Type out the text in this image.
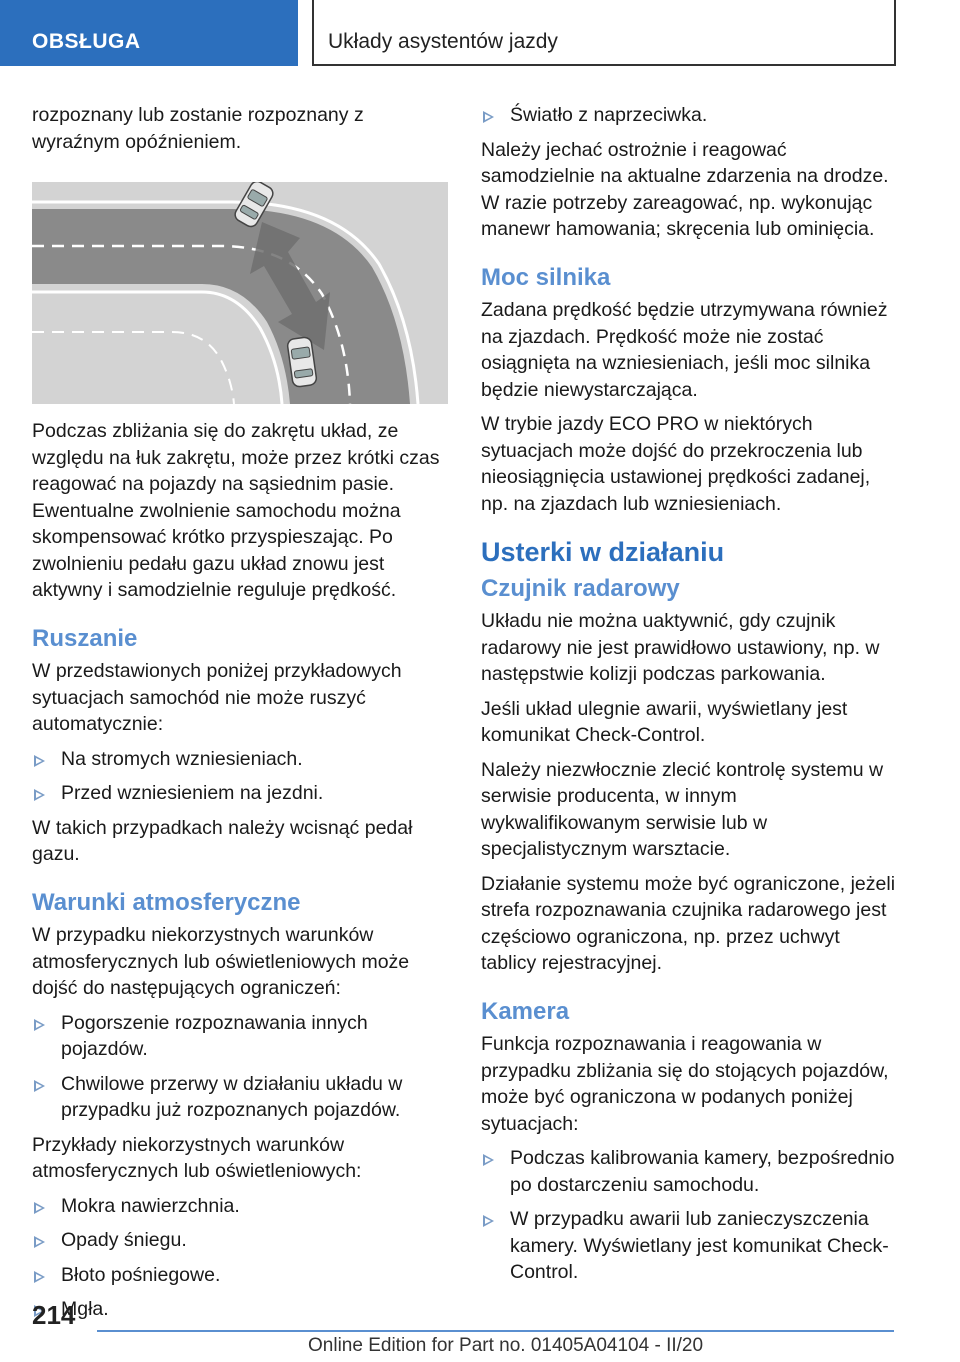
OBSŁUGA	Układy asystentów jazdy
rozpoznany lub zostanie rozpoznany z wyraźnym opóźnieniem.
Podczas zbliżania się do zakrętu układ, ze względu na łuk zakrętu, może przez krótki czas reagować na pojazdy na sąsiednim pasie. Ewentualne zwolnienie samochodu można skompensować krótko przyspieszając. Po zwolnieniu pedału gazu układ znowu jest aktywny i samodzielnie reguluje prędkość.
Ruszanie
W przedstawionych poniżej przykładowych sytuacjach samochód nie może ruszyć automatycznie:
Na stromych wzniesieniach.
Przed wzniesieniem na jezdni.
W takich przypadkach należy wcisnąć pedał gazu.
Warunki atmosferyczne
W przypadku niekorzystnych warunków atmosferycznych lub oświetleniowych może dojść do następujących ograniczeń:
Pogorszenie rozpoznawania innych pojazdów.
Chwilowe przerwy w działaniu układu w przypadku już rozpoznanych pojazdów.
Przykłady niekorzystnych warunków atmosferycznych lub oświetleniowych:
Mokra nawierzchnia.
Opady śniegu.
Błoto pośniegowe.
Mgła.
Światło z naprzeciwka.
Należy jechać ostrożnie i reagować samodzielnie na aktualne zdarzenia na drodze. W razie potrzeby zareagować, np. wykonując manewr hamowania; skręcenia lub ominięcia.
Moc silnika
Zadana prędkość będzie utrzymywana również na zjazdach. Prędkość może nie zostać osiągnięta na wzniesieniach, jeśli moc silnika będzie niewystarczająca.
W trybie jazdy ECO PRO w niektórych sytuacjach może dojść do przekroczenia lub nieosiągnięcia ustawionej prędkości zadanej, np. na zjazdach lub wzniesieniach.
Usterki w działaniu
Czujnik radarowy
Układu nie można uaktywnić, gdy czujnik radarowy nie jest prawidłowo ustawiony, np. w następstwie kolizji podczas parkowania.
Jeśli układ ulegnie awarii, wyświetlany jest komunikat Check-Control.
Należy niezwłocznie zlecić kontrolę systemu w serwisie producenta, w innym wykwalifikowanym serwisie lub w specjalistycznym warsztacie.
Działanie systemu może być ograniczone, jeżeli strefa rozpoznawania czujnika radarowego jest częściowo ograniczona, np. przez uchwyt tablicy rejestracyjnej.
Kamera
Funkcja rozpoznawania i reagowania w przypadku zbliżania się do stojących pojazdów, może być ograniczona w podanych poniżej sytuacjach:
Podczas kalibrowania kamery, bezpośrednio po dostarczeniu samochodu.
W przypadku awarii lub zanieczyszczenia kamery. Wyświetlany jest komunikat Check-Control.
214
Online Edition for Part no. 01405A04104 - II/20
